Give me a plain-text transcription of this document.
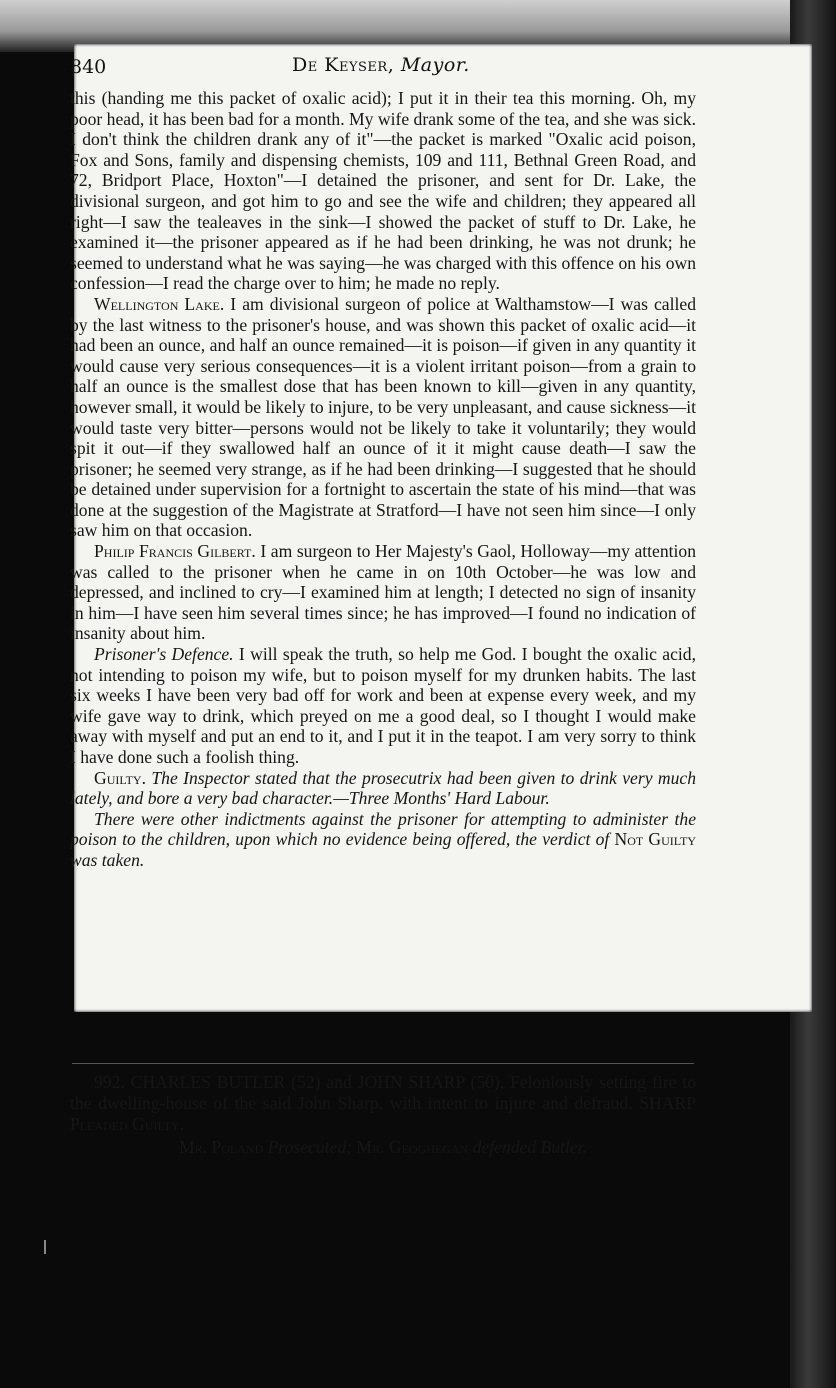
840	De Keyser, Mayor.

this (handing me this packet of oxalic acid); I put it in their tea this morning. Oh, my poor head, it has been bad for a month. My wife drank some of the tea, and she was sick. I don't think the children drank any of it"—the packet is marked "Oxalic acid poison, Fox and Sons, family and dispensing chemists, 109 and 111, Bethnal Green Road, and 72, Bridport Place, Hoxton"—I detained the prisoner, and sent for Dr. Lake, the divisional surgeon, and got him to go and see the wife and children; they appeared all right—I saw the tealeaves in the sink—I showed the packet of stuff to Dr. Lake, he examined it—the prisoner appeared as if he had been drinking, he was not drunk; he seemed to understand what he was saying—he was charged with this offence on his own confession—I read the charge over to him; he made no reply.

Wellington Lake. I am divisional surgeon of police at Walthamstow—I was called by the last witness to the prisoner's house, and was shown this packet of oxalic acid—it had been an ounce, and half an ounce remained—it is poison—if given in any quantity it would cause very serious consequences—it is a violent irritant poison—from a grain to half an ounce is the smallest dose that has been known to kill—given in any quantity, however small, it would be likely to injure, to be very unpleasant, and cause sickness—it would taste very bitter—persons would not be likely to take it voluntarily; they would spit it out—if they swallowed half an ounce of it it might cause death—I saw the prisoner; he seemed very strange, as if he had been drinking—I suggested that he should be detained under supervision for a fortnight to ascertain the state of his mind—that was done at the suggestion of the Magistrate at Stratford—I have not seen him since—I only saw him on that occasion.

Philip Francis Gilbert. I am surgeon to Her Majesty's Gaol, Holloway—my attention was called to the prisoner when he came in on 10th October—he was low and depressed, and inclined to cry—I examined him at length; I detected no sign of insanity in him—I have seen him several times since; he has improved—I found no indication of insanity about him.

Prisoner's Defence. I will speak the truth, so help me God. I bought the oxalic acid, not intending to poison my wife, but to poison myself for my drunken habits. The last six weeks I have been very bad off for work and been at expense every week, and my wife gave way to drink, which preyed on me a good deal, so I thought I would make away with myself and put an end to it, and I put it in the teapot. I am very sorry to think I have done such a foolish thing.

Guilty. The Inspector stated that the prosecutrix had been given to drink very much lately, and bore a very bad character.—Three Months' Hard Labour.

There were other indictments against the prisoner for attempting to administer the poison to the children, upon which no evidence being offered, the verdict of Not Guilty was taken.

992. CHARLES BUTLER (52) and JOHN SHARP (50), Feloniously setting fire to the dwelling-house of the said John Sharp, with intent to injure and defraud. SHARP Pleaded Guilty.

Mr. Poland Prosecuted; Mr. Geoghegan defended Butler.
